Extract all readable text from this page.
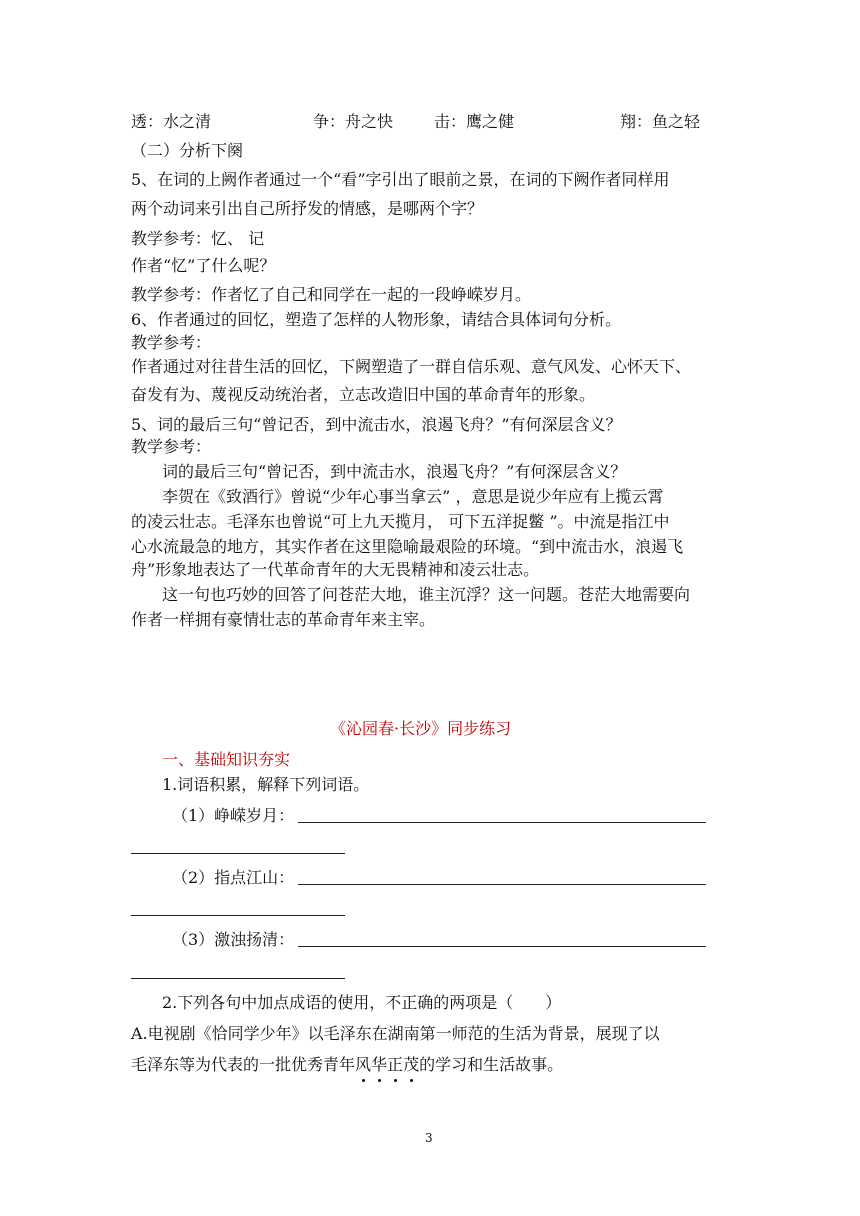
透：水之清	争：舟之快	击：鹰之健	翔：鱼之轻
（二）分析下阕
5、在词的上阙作者通过一个“看”字引出了眼前之景，在词的下阙作者同样用
两个动词来引出自己所抒发的情感，是哪两个字？
教学参考：忆、 记
作者“忆”了什么呢？
教学参考：作者忆了自己和同学在一起的一段峥嵘岁月。
6、作者通过的回忆，塑造了怎样的人物形象，请结合具体词句分析。
教学参考：
作者通过对往昔生活的回忆，下阙塑造了一群自信乐观、意气风发、心怀天下、
奋发有为、蔑视反动统治者，立志改造旧中国的革命青年的形象。
5、词的最后三句“曾记否，到中流击水，浪遏飞舟？”有何深层含义？
教学参考：
词的最后三句“曾记否，到中流击水，浪遏飞舟？”有何深层含义？
李贺在《致酒行》曾说“少年心事当拿云” ，意思是说少年应有上揽云霄
的凌云壮志。毛泽东也曾说“可上九天揽月， 可下五洋捉鳖 ”。中流是指江中
心水流最急的地方，其实作者在这里隐喻最艰险的环境。“到中流击水，浪遏飞
舟”形象地表达了一代革命青年的大无畏精神和凌云壮志。
这一句也巧妙的回答了问苍茫大地，谁主沉浮？这一问题。苍茫大地需要向
作者一样拥有豪情壮志的革命青年来主宰。
《沁园春·长沙》同步练习
一、基础知识夯实
1.词语积累，解释下列词语。
（1）峥嵘岁月：
（2）指点江山：
（3）激浊扬清：
2.下列各句中加点成语的使用，不正确的两项是（　　）
A.电视剧《恰同学少年》以毛泽东在湖南第一师范的生活为背景，展现了以
毛泽东等为代表的一批优秀青年风华正茂的学习和生活故事。
3
